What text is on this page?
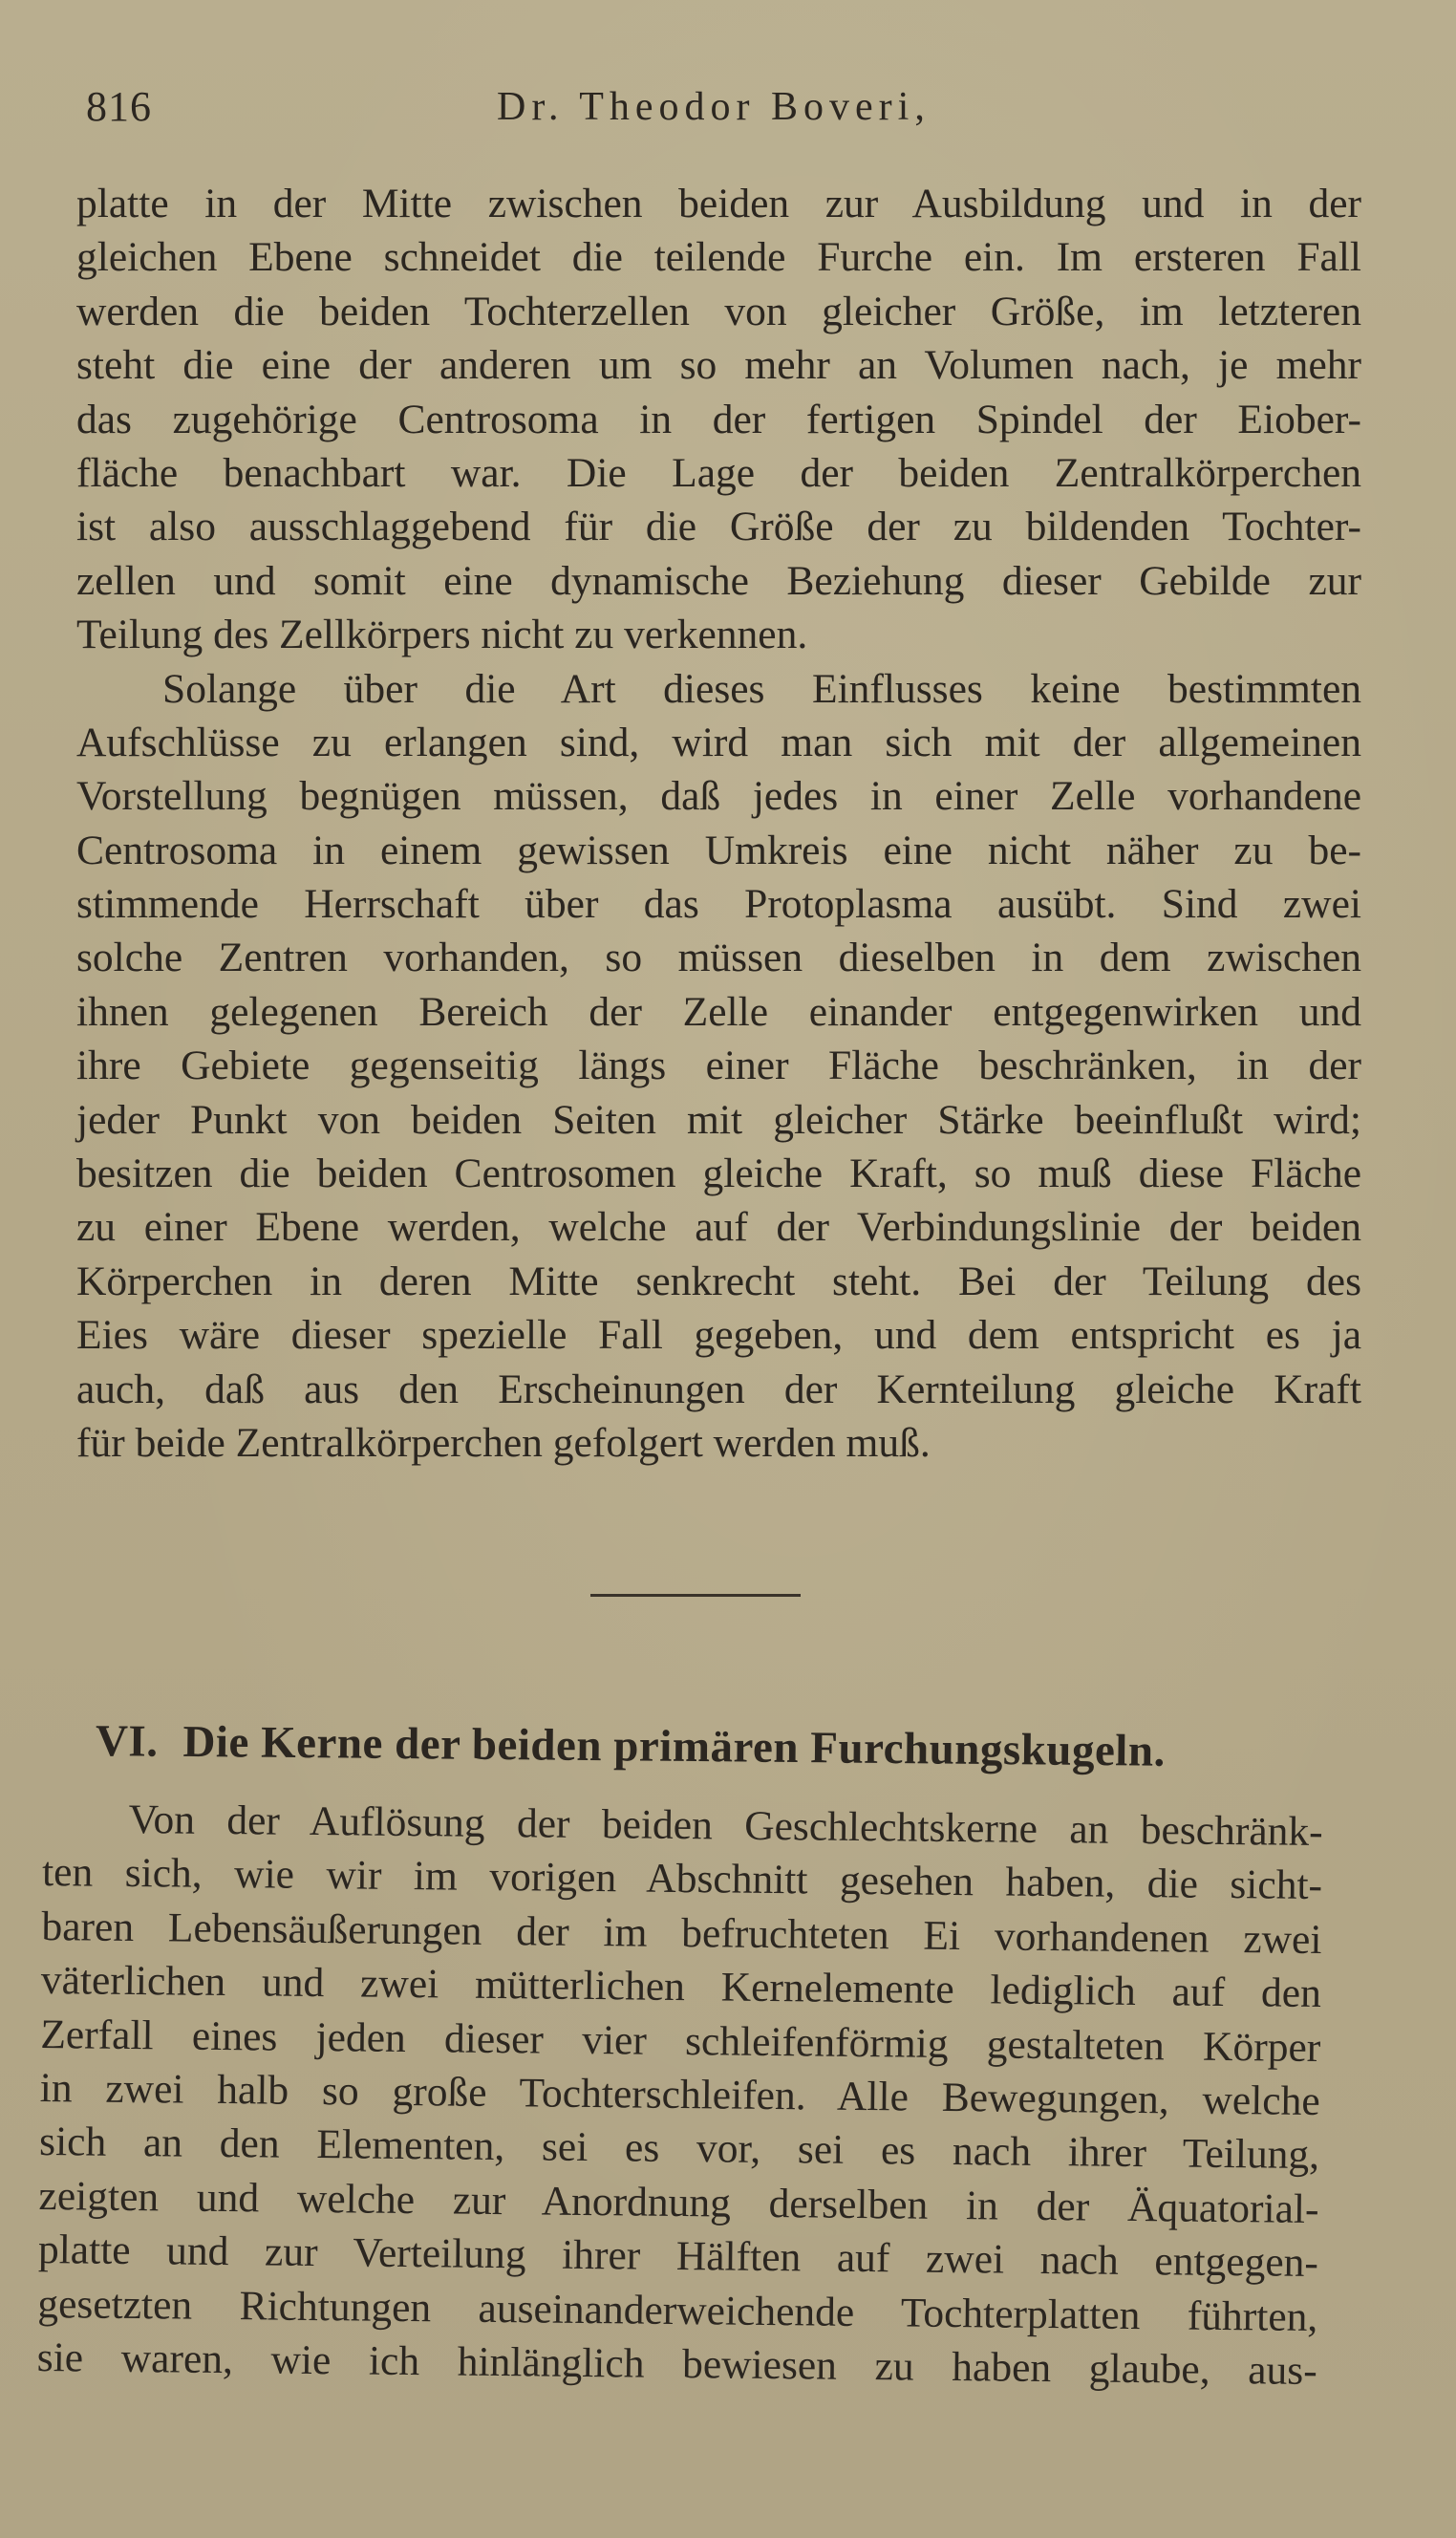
816	Dr. Theodor Boveri,
platte in der Mitte zwischen beiden zur Ausbildung und in der
gleichen Ebene schneidet die teilende Furche ein. Im ersteren Fall
werden die beiden Tochterzellen von gleicher Größe, im letzteren
steht die eine der anderen um so mehr an Volumen nach, je mehr
das zugehörige Centrosoma in der fertigen Spindel der Eiober-
fläche benachbart war. Die Lage der beiden Zentralkörperchen
ist also ausschlaggebend für die Größe der zu bildenden Tochter-
zellen und somit eine dynamische Beziehung dieser Gebilde zur
Teilung des Zellkörpers nicht zu verkennen.
Solange über die Art dieses Einflusses keine bestimmten
Aufschlüsse zu erlangen sind, wird man sich mit der allgemeinen
Vorstellung begnügen müssen, daß jedes in einer Zelle vorhandene
Centrosoma in einem gewissen Umkreis eine nicht näher zu be-
stimmende Herrschaft über das Protoplasma ausübt. Sind zwei
solche Zentren vorhanden, so müssen dieselben in dem zwischen
ihnen gelegenen Bereich der Zelle einander entgegenwirken und
ihre Gebiete gegenseitig längs einer Fläche beschränken, in der
jeder Punkt von beiden Seiten mit gleicher Stärke beeinflußt wird;
besitzen die beiden Centrosomen gleiche Kraft, so muß diese Fläche
zu einer Ebene werden, welche auf der Verbindungslinie der beiden
Körperchen in deren Mitte senkrecht steht. Bei der Teilung des
Eies wäre dieser spezielle Fall gegeben, und dem entspricht es ja
auch, daß aus den Erscheinungen der Kernteilung gleiche Kraft
für beide Zentralkörperchen gefolgert werden muß.
VI. Die Kerne der beiden primären Furchungskugeln.
Von der Auflösung der beiden Geschlechtskerne an beschränk-
ten sich, wie wir im vorigen Abschnitt gesehen haben, die sicht-
baren Lebensäußerungen der im befruchteten Ei vorhandenen zwei
väterlichen und zwei mütterlichen Kernelemente lediglich auf den
Zerfall eines jeden dieser vier schleifenförmig gestalteten Körper
in zwei halb so große Tochterschleifen. Alle Bewegungen, welche
sich an den Elementen, sei es vor, sei es nach ihrer Teilung,
zeigten und welche zur Anordnung derselben in der Äquatorial-
platte und zur Verteilung ihrer Hälften auf zwei nach entgegen-
gesetzten Richtungen auseinanderweichende Tochterplatten führten,
sie waren, wie ich hinlänglich bewiesen zu haben glaube, aus-
